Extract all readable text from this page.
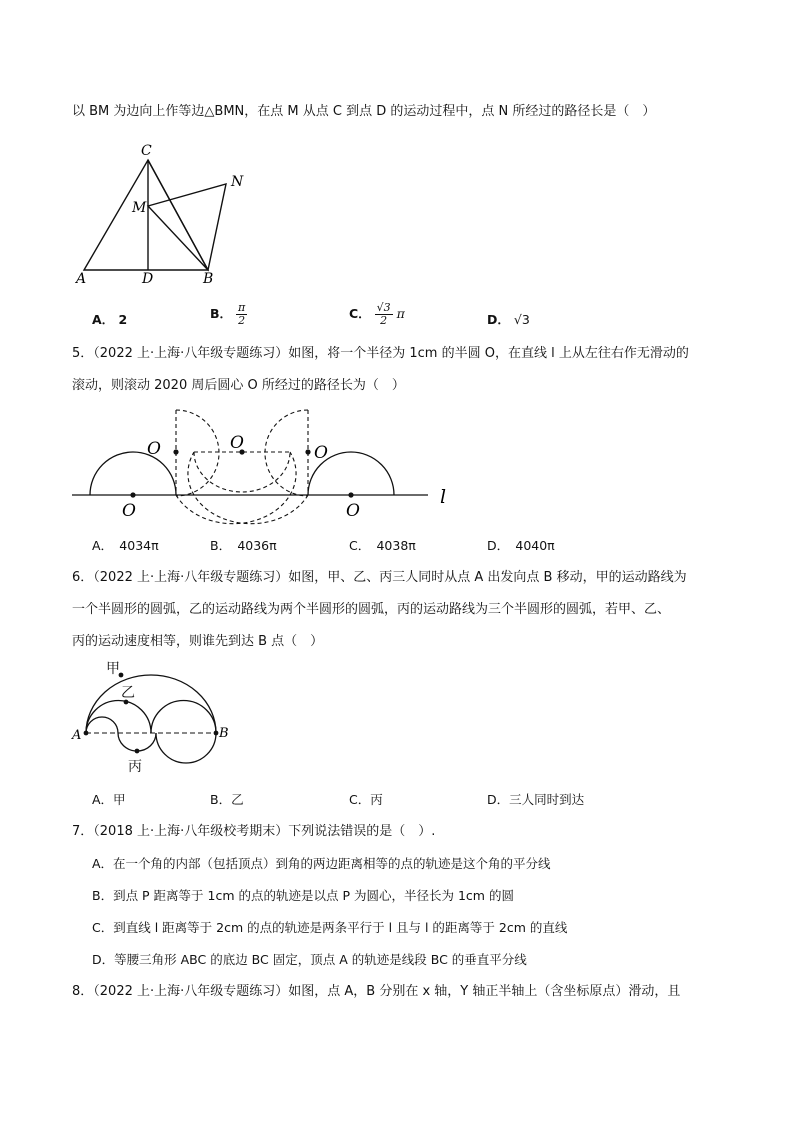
以 BM 为边向上作等边△BMN，在点 M 从点 C 到点 D 的运动过程中，点 N 所经过的路径长是（　）
C
N
M
A	D	B
A． 2	B． $\frac{\pi}{2}$	C． $\frac{√3}{2}$ π	D． √3
5．（2022 上·上海·八年级专题练习）如图，将一个半径为 1cm 的半圆 O，在直线 l 上从左往右作无滑动的
滚动，则滚动 2020 周后圆心 O 所经过的路径长为（　）
O	O	O
O	O
l
A．　4034π	B．　4036π	C．　4038π	D．　4040π
6．（2022 上·上海·八年级专题练习）如图，甲、乙、丙三人同时从点 A 出发向点 B 移动，甲的运动路线为
一个半圆形的圆弧，乙的运动路线为两个半圆形的圆弧，丙的运动路线为三个半圆形的圆弧，若甲、乙、
丙的运动速度相等，则谁先到达 B 点（　）
A	B
甲
乙
丙
A．甲	B．乙	C．丙	D．三人同时到达
7．（2018 上·上海·八年级校考期末）下列说法错误的是（　）.
A．在一个角的内部（包括顶点）到角的两边距离相等的点的轨迹是这个角的平分线
B．到点 P 距离等于 1cm 的点的轨迹是以点 P 为圆心，半径长为 1cm 的圆
C．到直线 l 距离等于 2cm 的点的轨迹是两条平行于 l 且与 l 的距离等于 2cm 的直线
D．等腰三角形 ABC 的底边 BC 固定，顶点 A 的轨迹是线段 BC 的垂直平分线
8．（2022 上·上海·八年级专题练习）如图，点 A，B 分别在 x 轴，Y 轴正半轴上（含坐标原点）滑动，且
